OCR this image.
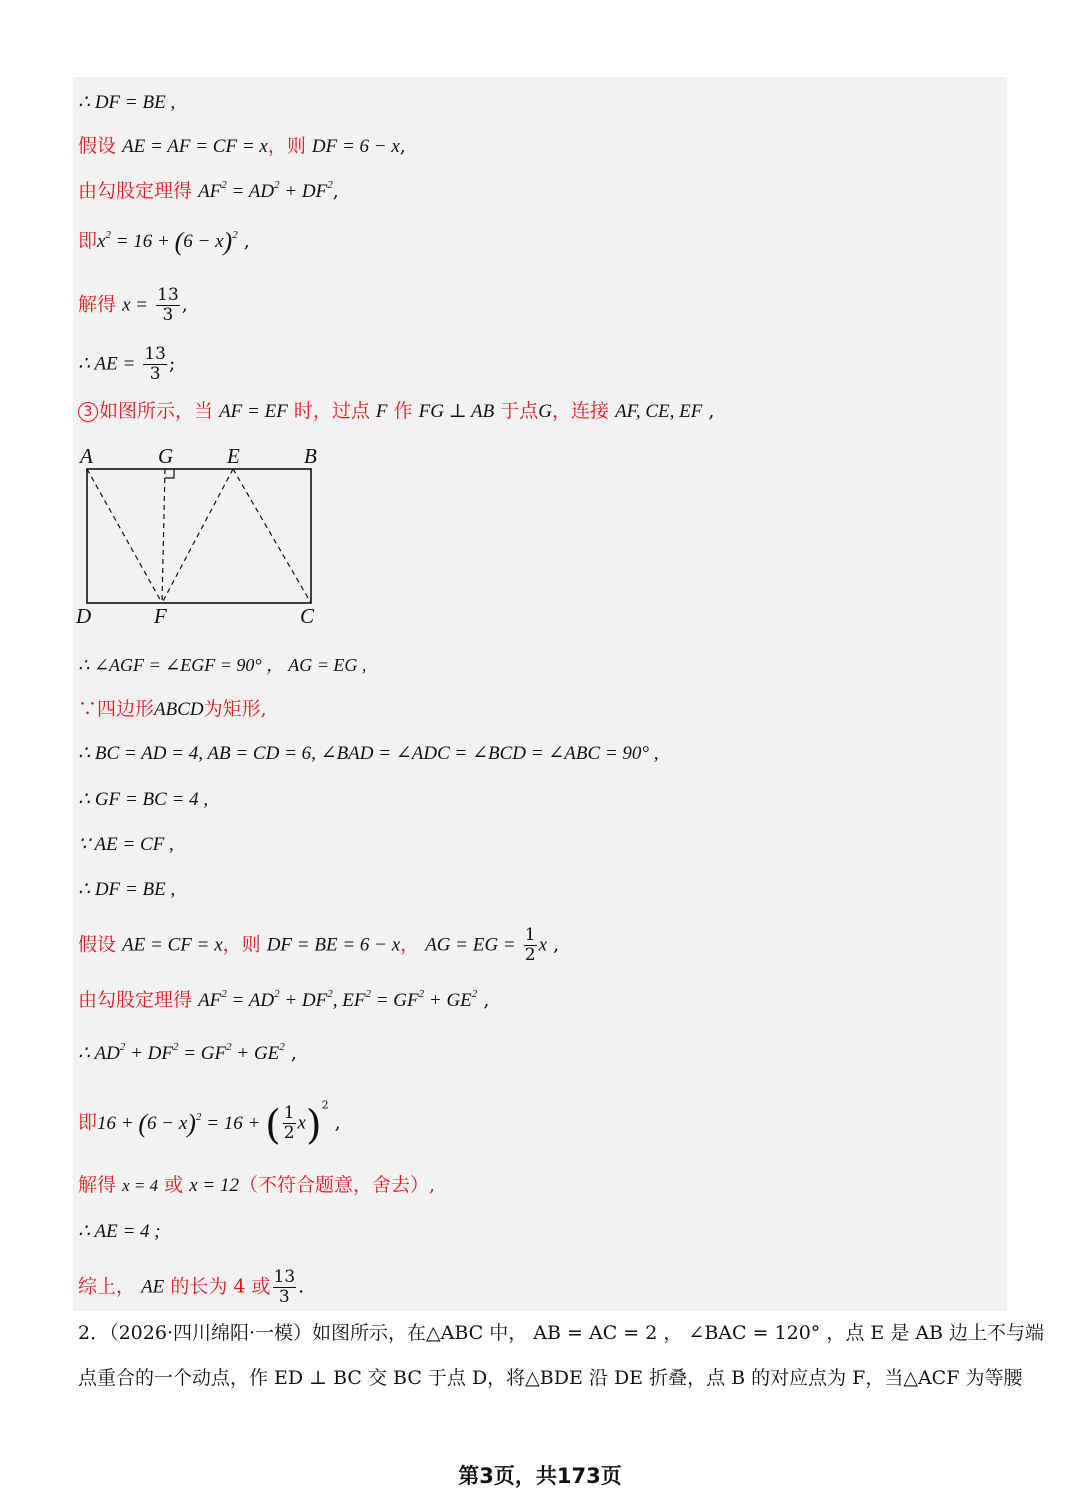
∴ DF = BE ,
假设 AE = AF = CF = x，则 DF = 6 − x,
由勾股定理得 $AF^2 = AD^2 + DF^2$,
即$x^2 = 16 + (6 - x)^2$ ,
解得 $x = \frac{13}{3}$ ,
∴ AE = $\frac{13}{3}$ ;
3 如图所示，当 AF = EF 时，过点 F 作 FG ⊥ AB 于点G，连接 AF, CE, EF ,
A	G	E	B
D	F	C
∴ ∠AGF = ∠EGF = 90° ， AG = EG ,
∵四边形ABCD为矩形,
∴ BC = AD = 4, AB = CD = 6, ∠BAD = ∠ADC = ∠BCD = ∠ABC = 90° ,
∴ GF = BC = 4 ,
∵ AE = CF ,
∴ DF = BE ,
假设 AE = CF = x，则 DF = BE = 6 − x， AG = EG = $\frac{1}{2}$ x ,
由勾股定理得 $AF^2 = AD^2 + DF^2$, $EF^2 = GF^2 + GE^2$ ,
∴ $AD^2 + DF^2 = GF^2 + GE^2$ ,
即$16 + (6 - x)^2 = 16$ + ( $\frac{1}{2} x)^2$ ,
解得 x = 4 或 x = 12（不符合题意，舍去）,
∴ AE = 4 ;
综上， AE 的长为 4 或 $\frac{13}{3}$ .
2．（2026·四川绵阳·一模）如图所示，在△ABC 中， AB = AC = 2 ， ∠BAC = 120° ，点 E 是 AB 边上不与端
点重合的一个动点，作 ED ⊥ BC 交 BC 于点 D，将△BDE 沿 DE 折叠，点 B 的对应点为 F，当△ACF 为等腰
第3页，共173页
